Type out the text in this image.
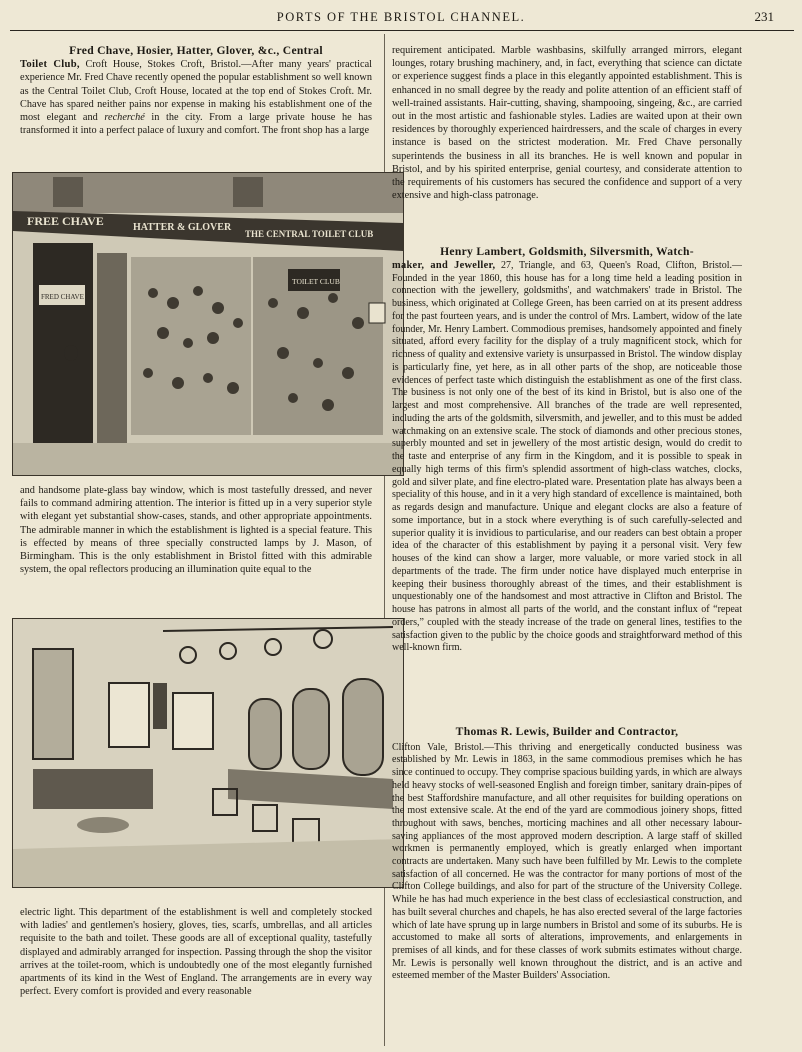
PORTS OF THE BRISTOL CHANNEL.	231

Fred Chave, Hosier, Hatter, Glover, &c., Central

Toilet Club, Croft House, Stokes Croft, Bristol.—After many years' practical experience Mr. Fred Chave recently opened the popular establishment so well known as the Central Toilet Club, Croft House, located at the top end of Stokes Croft. Mr. Chave has spared neither pains nor expense in making his establishment one of the most elegant and recherché in the city. From a large private house he has transformed it into a perfect palace of luxury and comfort. The front shop has a large

FREE CHAVE	HATTER & GLOVER
THE CENTRAL TOILET CLUB
FRED CHAVE
TOILET CLUB

and handsome plate-glass bay window, which is most tastefully dressed, and never fails to command admiring attention. The interior is fitted up in a very superior style with elegant yet substantial show-cases, stands, and other appropriate appointments. The admirable manner in which the establishment is lighted is a special feature. This is effected by means of three specially constructed lamps by J. Mason, of Birmingham. This is the only establishment in Bristol fitted with this admirable system, the opal reflectors producing an illumination quite equal to the

electric light. This department of the establishment is well and completely stocked with ladies' and gentlemen's hosiery, gloves, ties, scarfs, umbrellas, and all articles requisite to the bath and toilet. These goods are all of exceptional quality, tastefully displayed and admirably arranged for inspection. Passing through the shop the visitor arrives at the toilet-room, which is undoubtedly one of the most elegantly furnished apartments of its kind in the West of England. The arrangements are in every way perfect. Every comfort is provided and every reasonable

requirement anticipated. Marble washbasins, skilfully arranged mirrors, elegant lounges, rotary brushing machinery, and, in fact, everything that science can dictate or experience suggest finds a place in this elegantly appointed establishment. This is enhanced in no small degree by the ready and polite attention of an efficient staff of well-trained assistants. Hair-cutting, shaving, shampooing, singeing, &c., are carried out in the most artistic and fashionable styles. Ladies are waited upon at their own residences by thoroughly experienced hairdressers, and the scale of charges in every instance is based on the strictest moderation. Mr. Fred Chave personally superintends the business in all its branches. He is well known and popular in Bristol, and by his spirited enterprise, genial courtesy, and considerate attention to the requirements of his customers has secured the confidence and support of a very extensive and high-class patronage.

Henry Lambert, Goldsmith, Silversmith, Watch-

maker, and Jeweller, 27, Triangle, and 63, Queen's Road, Clifton, Bristol.—Founded in the year 1860, this house has for a long time held a leading position in connection with the jewellery, goldsmiths', and watchmakers' trade in Bristol. The business, which originated at College Green, has been carried on at its present address for the past fourteen years, and is under the control of Mrs. Lambert, widow of the late founder, Mr. Henry Lambert. Commodious premises, handsomely appointed and finely situated, afford every facility for the display of a truly magnificent stock, which for richness of quality and extensive variety is unsurpassed in Bristol. The window display is particularly fine, yet here, as in all other parts of the shop, are noticeable those evidences of perfect taste which distinguish the establishment as one of the first class. The business is not only one of the best of its kind in Bristol, but is also one of the largest and most comprehensive. All branches of the trade are well represented, including the arts of the goldsmith, silversmith, and jeweller, and to this must be added watchmaking on an extensive scale. The stock of diamonds and other precious stones, superbly mounted and set in jewellery of the most artistic design, would do credit to the taste and enterprise of any firm in the Kingdom, and it is possible to speak in equally high terms of this firm's splendid assortment of high-class watches, clocks, gold and silver plate, and fine electro-plated ware. Presentation plate has always been a speciality of this house, and in it a very high standard of excellence is maintained, both as regards design and manufacture. Unique and elegant clocks are also a feature of some importance, but in a stock where everything is of such carefully-selected and superior quality it is invidious to particularise, and our readers can best obtain a proper idea of the character of this establishment by paying it a personal visit. Very few houses of the kind can show a larger, more valuable, or more varied stock in all departments of the trade. The firm under notice have displayed much enterprise in keeping their business thoroughly abreast of the times, and their establishment is unquestionably one of the handsomest and most attractive in Clifton and Bristol. The house has patrons in almost all parts of the world, and the constant influx of “repeat orders,” coupled with the steady increase of the trade on general lines, testifies to the satisfaction given to the public by the choice goods and straightforward method of this well-known firm.

Thomas R. Lewis, Builder and Contractor,

Clifton Vale, Bristol.—This thriving and energetically conducted business was established by Mr. Lewis in 1863, in the same commodious premises which he has since continued to occupy. They comprise spacious building yards, in which are always held heavy stocks of well-seasoned English and foreign timber, sanitary drain-pipes of the best Staffordshire manufacture, and all other requisites for building operations on the most extensive scale. At the end of the yard are commodious joinery shops, fitted throughout with saws, benches, morticing machines and all other necessary labour-saving appliances of the most approved modern description. A large staff of skilled workmen is permanently employed, which is greatly enlarged when important contracts are undertaken. Many such have been fulfilled by Mr. Lewis to the complete satisfaction of all concerned. He was the contractor for many portions of most of the Clifton College buildings, and also for part of the structure of the University College. While he has had much experience in the best class of ecclesiastical construction, and has built several churches and chapels, he has also erected several of the large factories which of late have sprung up in large numbers in Bristol and some of its suburbs. He is accustomed to make all sorts of alterations, improvements, and enlargements in premises of all kinds, and for these classes of work submits estimates without charge. Mr. Lewis is personally well known throughout the district, and is an active and esteemed member of the Master Builders' Association.
